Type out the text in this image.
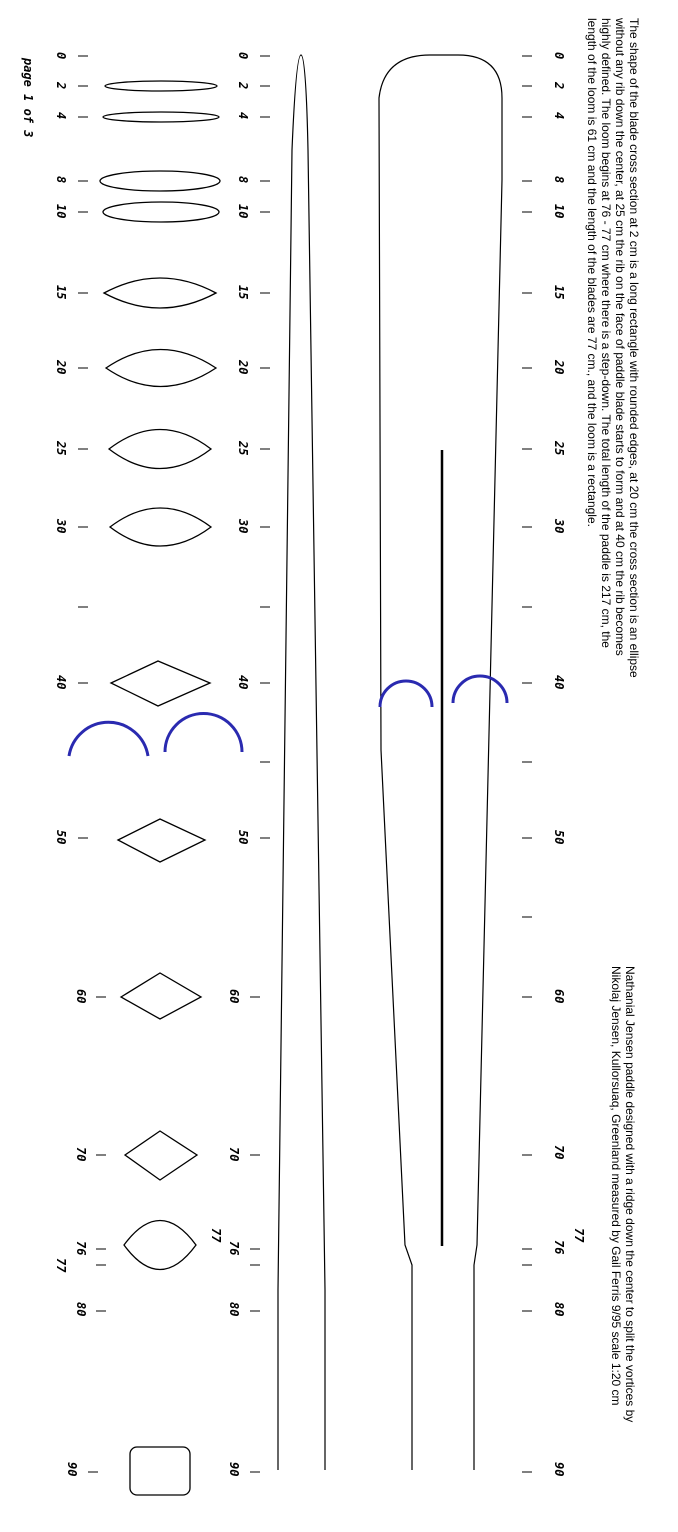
The shape of the blade cross section at 2 cm is a long rectangle with rounded edges, at 20 cm the cross section is an ellipse
without any rib down the center, at 25 cm the rib on the face of paddle blade starts to form and at 40 cm the rib becomes
highly defined. The loom begins at 76 - 77 cm where there is a step-down. The total length of the paddle is 217 cm, the
length of the loom is 61 cm and the length of the blades are 77 cm., and the loom is a rectangle.
Nathanial Jensen paddle designed with a ridge down the center to split the vortices by
Nikolaj Jensen, Kullorsuaq, Greenland measured by Gail Ferris 9/95 scale 1:20 cm
page 1 of 3
0
2
4
8
10
15
20
25
30
40
50
60
70
76
77
80
90
0
2
4
8
10
15
20
25
30
40
50
60
70
76
77
80
90
0
2
4
8
10
15
20
25
30
40
50
60
70
76
77
80
90
